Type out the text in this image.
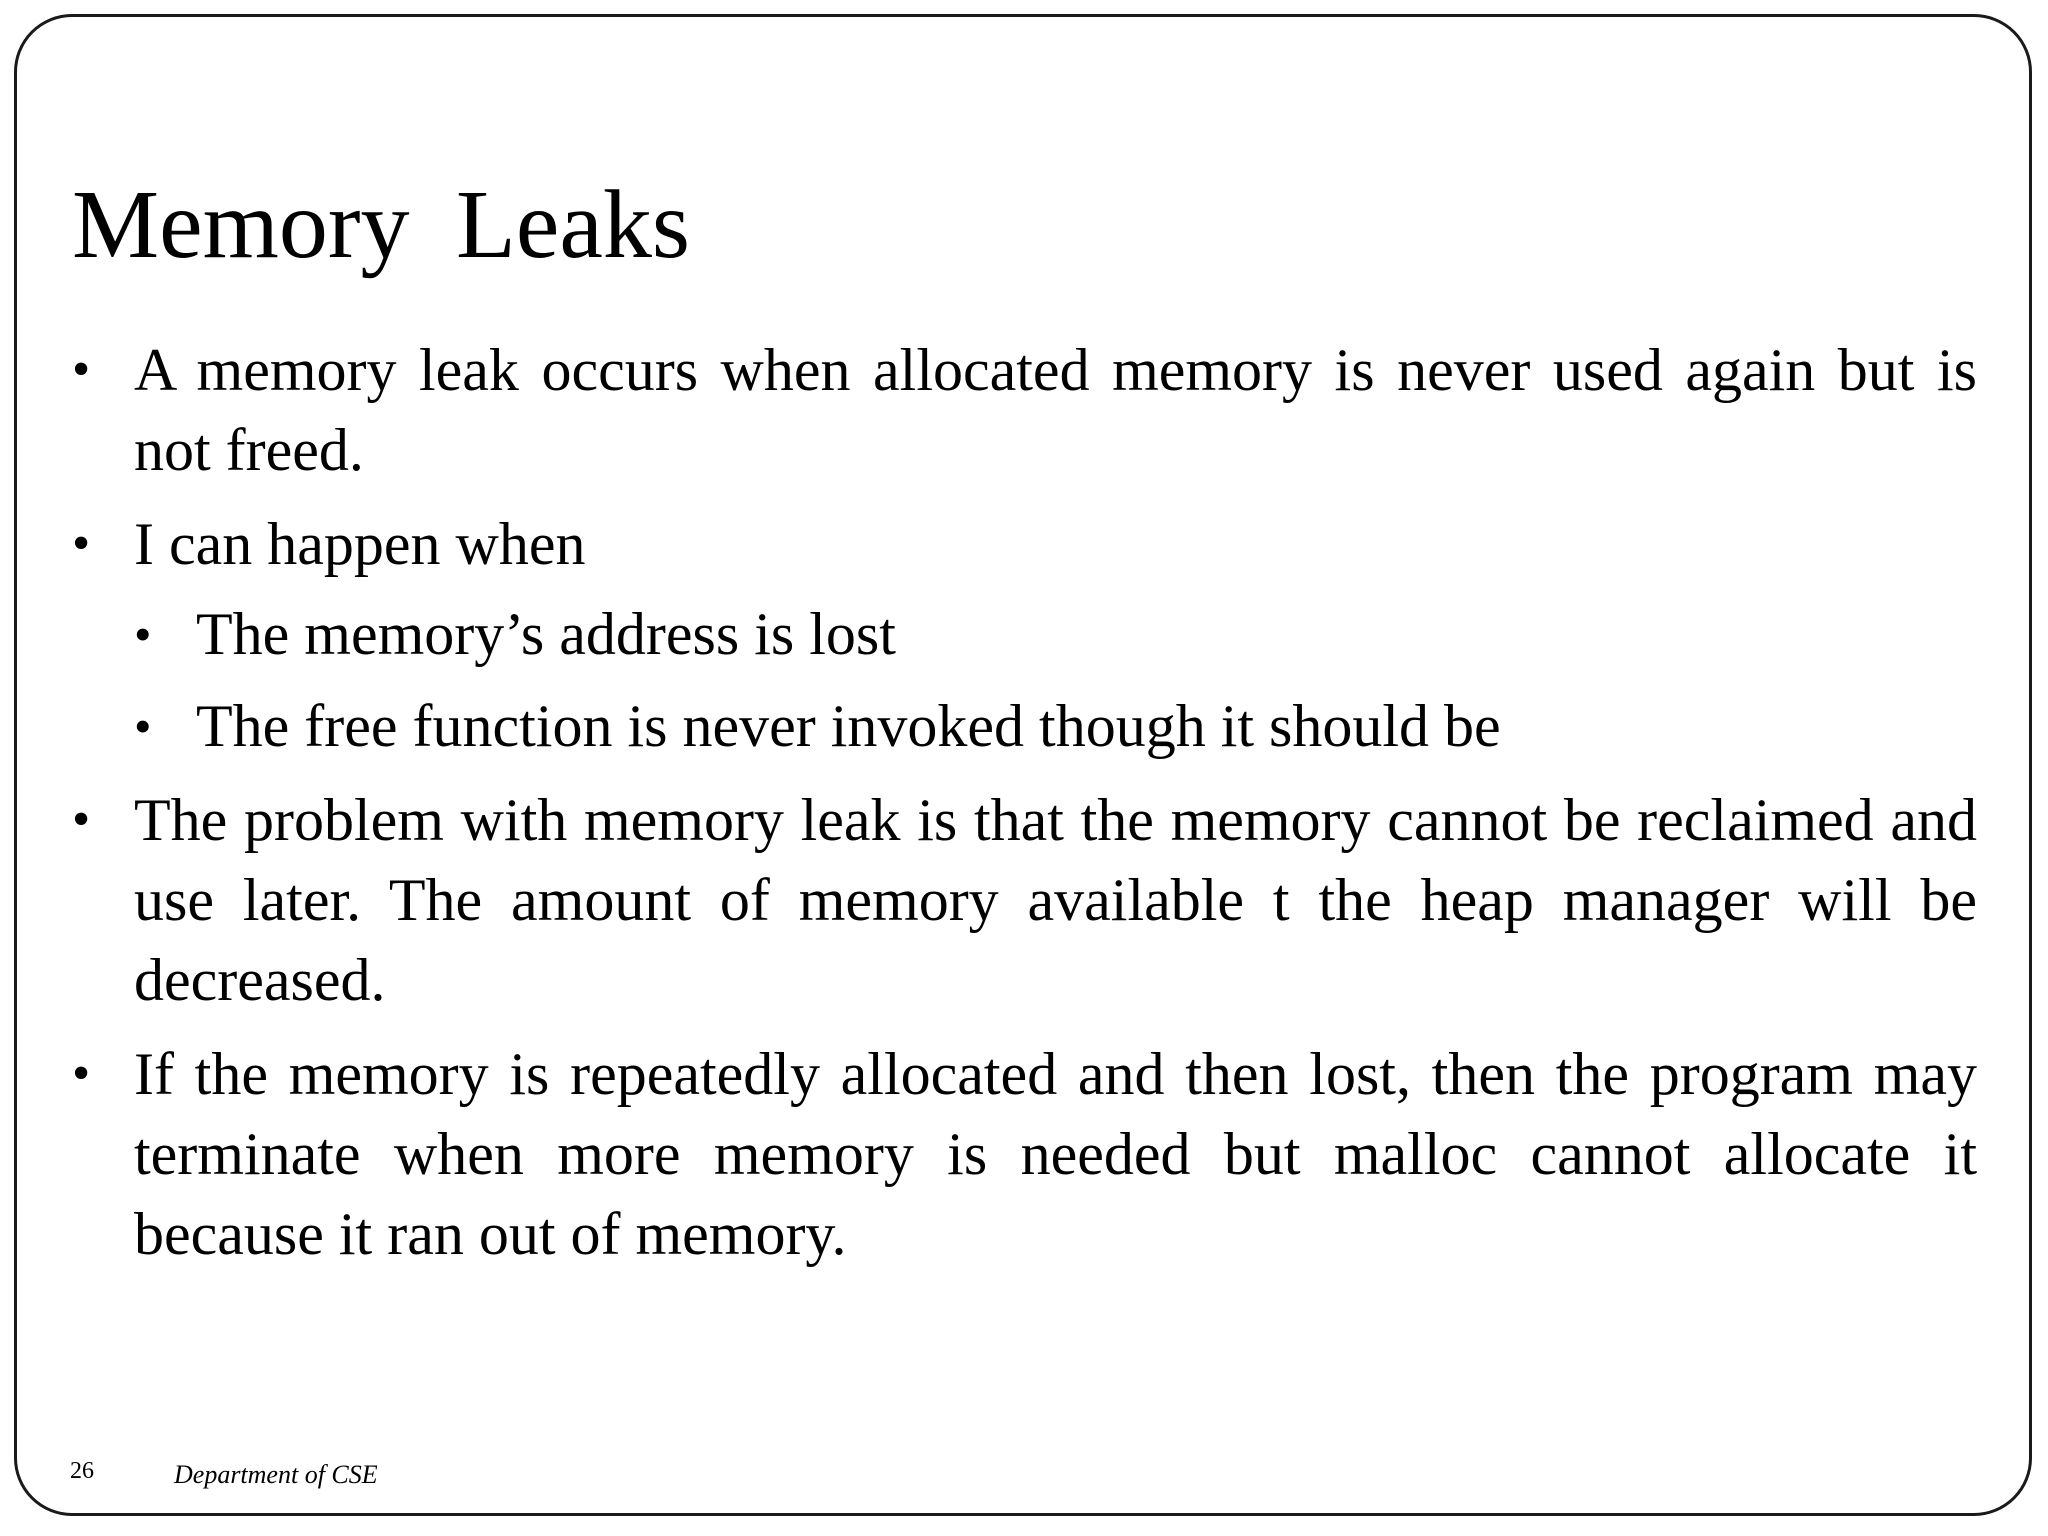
Memory Leaks
• A memory leak occurs when allocated memory is never used again but is not freed.
• I can happen when
• The memory’s address is lost
• The free function is never invoked though it should be
• The problem with memory leak is that the memory cannot be reclaimed and use later. The amount of memory available t the heap manager will be decreased.
• If the memory is repeatedly allocated and then lost, then the program may terminate when more memory is needed but malloc cannot allocate it because it ran out of memory.
26	Department of CSE
